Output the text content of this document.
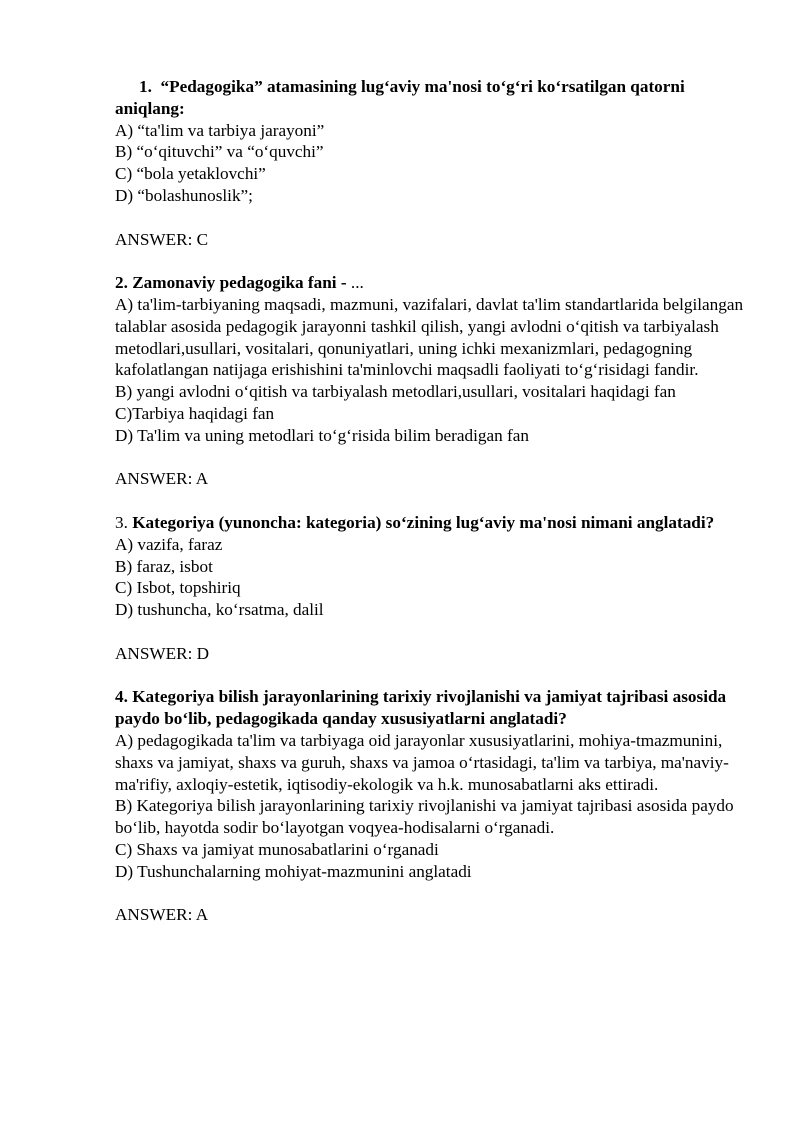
1. “Pedagogika” atamasining lug‘aviy ma'nosi to‘g‘ri ko‘rsatilgan qatorni aniqlang:

A) “ta'lim va tarbiya jarayoni”

B) “o‘qituvchi” va “o‘quvchi”

C) “bola yetaklovchi”

D) “bolashunoslik”;

ANSWER: C

2. Zamonaviy pedagogika fani - ...

A) ta'lim-tarbiyaning maqsadi, mazmuni, vazifalari, davlat ta'lim standartlarida belgilangan talablar asosida pedagogik jarayonni tashkil qilish, yangi avlodni o‘qitish va tarbiyalash metodlari,usullari, vositalari, qonuniyatlari, uning ichki mexanizmlari, pedagogning kafolatlangan natijaga erishishini ta'minlovchi maqsadli faoliyati to‘g‘risidagi fandir.

B) yangi avlodni o‘qitish va tarbiyalash metodlari,usullari, vositalari haqidagi fan

C)Tarbiya haqidagi fan

D) Ta'lim va uning metodlari to‘g‘risida bilim beradigan fan

ANSWER: A

3. Kategoriya (yunoncha: kategoria) so‘zining lug‘aviy ma'nosi nimani anglatadi?

A) vazifa, faraz

B) faraz, isbot

C) Isbot, topshiriq

D) tushuncha, ko‘rsatma, dalil

ANSWER: D

4. Kategoriya bilish jarayonlarining tarixiy rivojlanishi va jamiyat tajribasi asosida paydo bo‘lib, pedagogikada qanday xususiyatlarni anglatadi?

A) pedagogikada ta'lim va tarbiyaga oid jarayonlar xususiyatlarini, mohiya-tmazmunini, shaxs va jamiyat, shaxs va guruh, shaxs va jamoa o‘rtasidagi, ta'lim va tarbiya, ma'naviy-ma'rifiy, axloqiy-estetik, iqtisodiy-ekologik va h.k. munosabatlarni aks ettiradi.

B) Kategoriya bilish jarayonlarining tarixiy rivojlanishi va jamiyat tajribasi asosida paydo bo‘lib, hayotda sodir bo‘layotgan voqyea-hodisalarni o‘rganadi.

C) Shaxs va jamiyat munosabatlarini o‘rganadi

D) Tushunchalarning mohiyat-mazmunini anglatadi

ANSWER: A
